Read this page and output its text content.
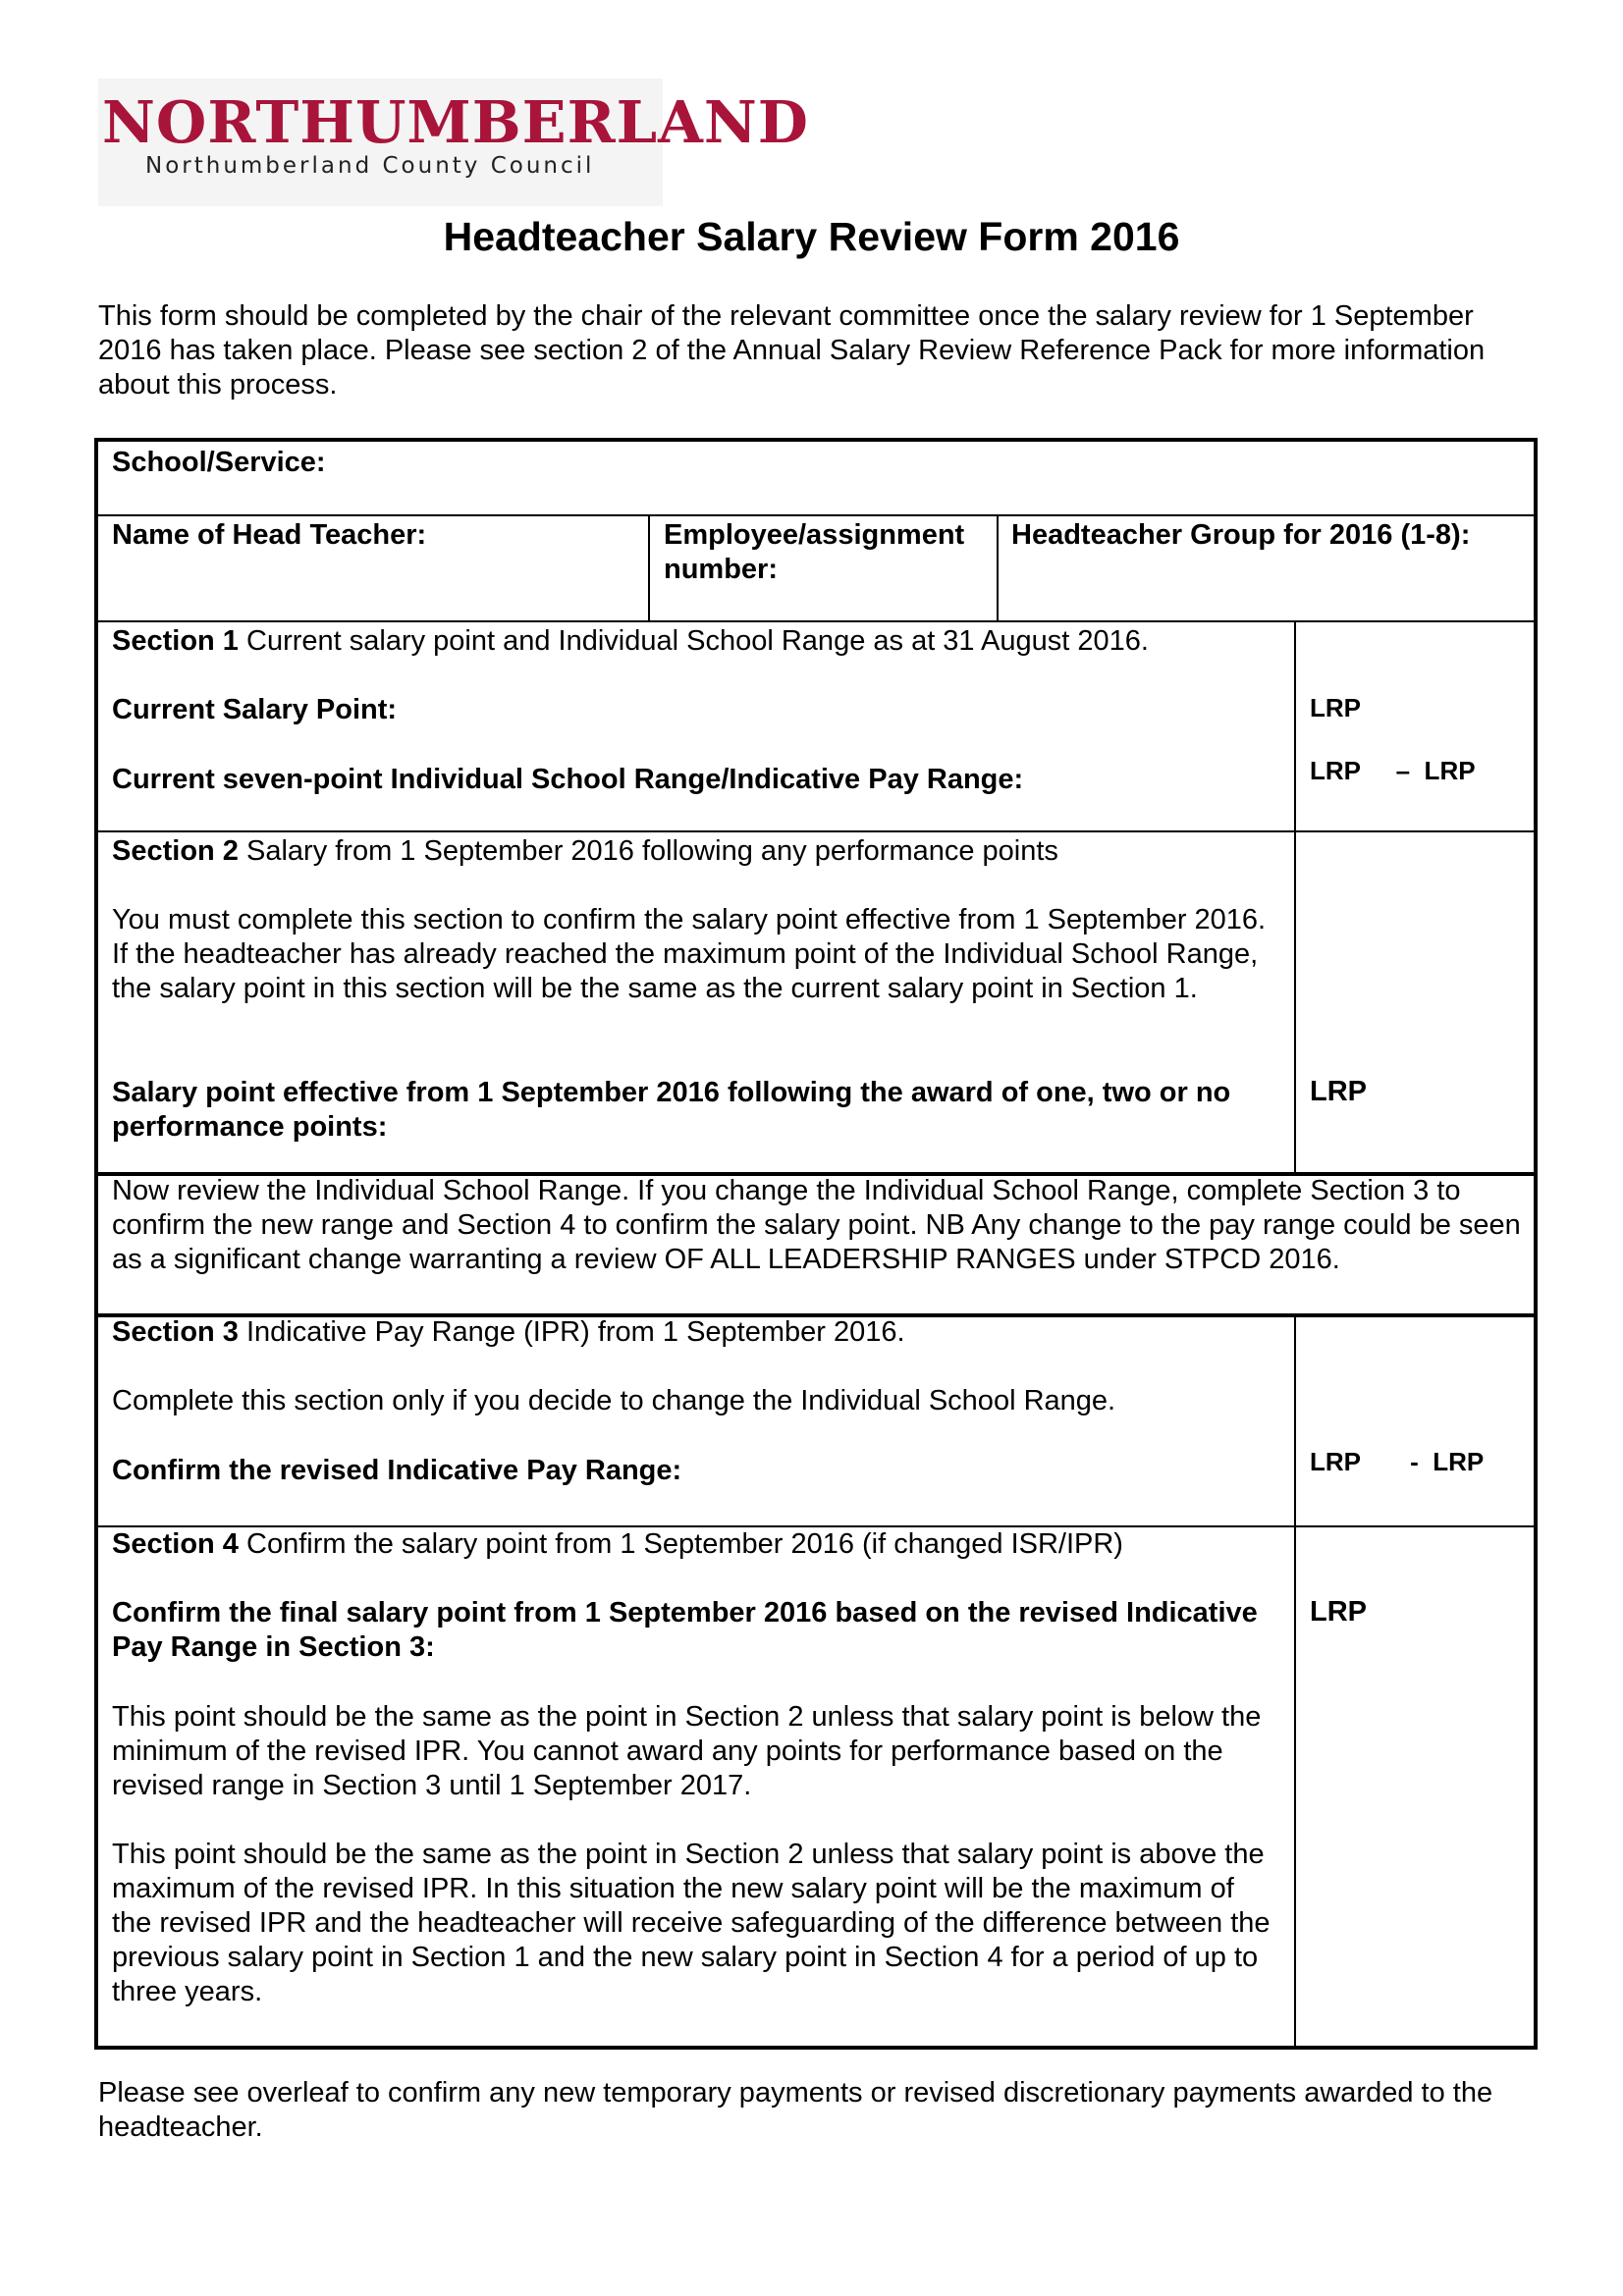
NORTHUMBERLAND
Northumberland County Council
Headteacher Salary Review Form 2016

This form should be completed by the chair of the relevant committee once the salary review for 1 September 2016 has taken place. Please see section 2 of the Annual Salary Review Reference Pack for more information about this process.

School/Service:

Name of Head Teacher:	Employee/assignment number:

Headteacher Group for 2016 (1-8):

Section 1 Current salary point and Individual School Range as at 31 August 2016.

Current Salary Point:

Current seven-point Individual School Range/Indicative Pay Range:

LRP
LRP     –  LRP

Section 2 Salary from 1 September 2016 following any performance points

You must complete this section to confirm the salary point effective from 1 September 2016. If the headteacher has already reached the maximum point of the Individual School Range, the salary point in this section will be the same as the current salary point in Section 1.

Salary point effective from 1 September 2016 following the award of one, two or no performance points:

LRP

Now review the Individual School Range. If you change the Individual School Range, complete Section 3 to confirm the new range and Section 4 to confirm the salary point. NB Any change to the pay range could be seen as a significant change warranting a review OF ALL LEADERSHIP RANGES under STPCD 2016.

Section 3 Indicative Pay Range (IPR) from 1 September 2016.

Complete this section only if you decide to change the Individual School Range.

Confirm the revised Indicative Pay Range:	LRP       -  LRP

Section 4 Confirm the salary point from 1 September 2016 (if changed ISR/IPR)

Confirm the final salary point from 1 September 2016 based on the revised Indicative Pay Range in Section 3:

LRP

This point should be the same as the point in Section 2 unless that salary point is below the minimum of the revised IPR. You cannot award any points for performance based on the revised range in Section 3 until 1 September 2017.

This point should be the same as the point in Section 2 unless that salary point is above the maximum of the revised IPR. In this situation the new salary point will be the maximum of the revised IPR and the headteacher will receive safeguarding of the difference between the previous salary point in Section 1 and the new salary point in Section 4 for a period of up to three years.

Please see overleaf to confirm any new temporary payments or revised discretionary payments awarded to the headteacher.
